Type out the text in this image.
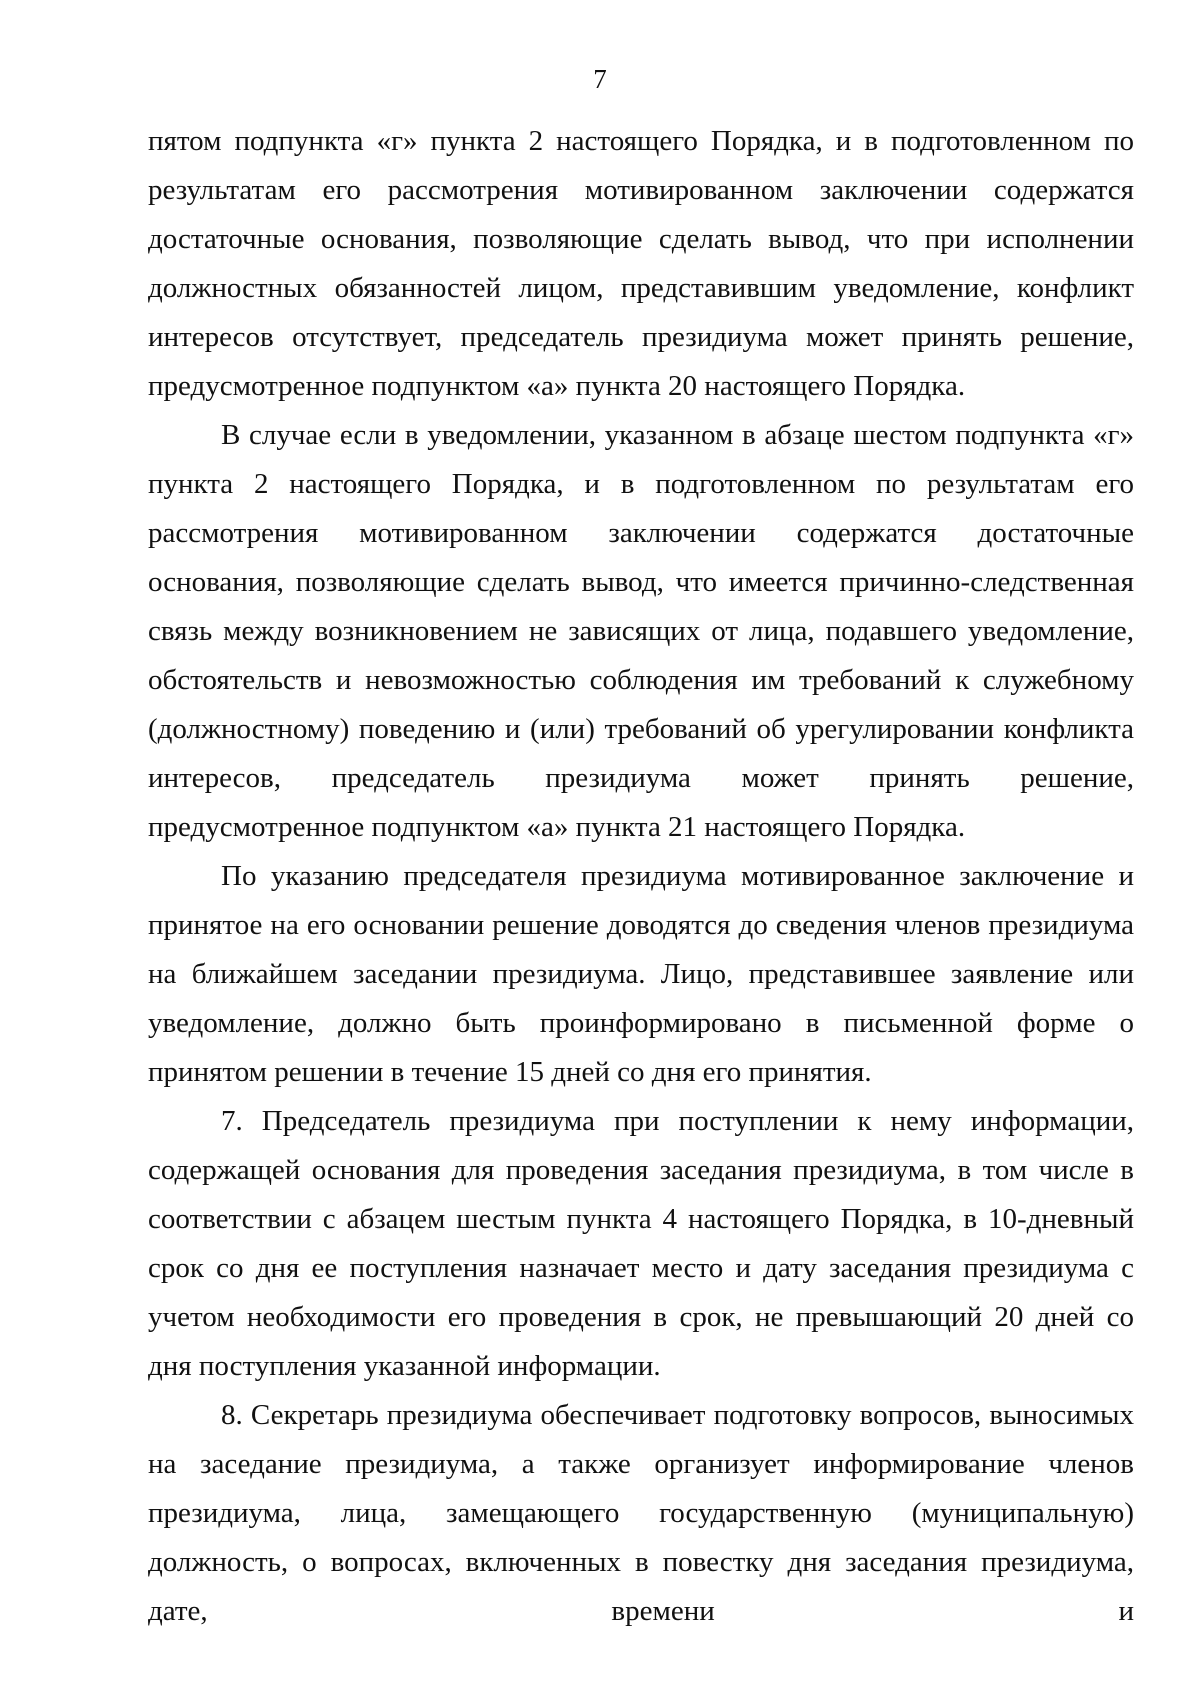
7

пятом подпункта «г» пункта 2 настоящего Порядка, и в подготовленном по результатам его рассмотрения мотивированном заключении содержатся достаточные основания, позволяющие сделать вывод, что при исполнении должностных обязанностей лицом, представившим уведомление, конфликт интересов отсутствует, председатель президиума может принять решение, предусмотренное подпунктом «а» пункта 20 настоящего Порядка.

В случае если в уведомлении, указанном в абзаце шестом подпункта «г» пункта 2 настоящего Порядка, и в подготовленном по результатам его рассмотрения мотивированном заключении содержатся достаточные основания, позволяющие сделать вывод, что имеется причинно-следственная связь между возникновением не зависящих от лица, подавшего уведомление, обстоятельств и невозможностью соблюдения им требований к служебному (должностному) поведению и (или) требований об урегулировании конфликта интересов, председатель президиума может принять решение, предусмотренное подпунктом «а» пункта 21 настоящего Порядка.

По указанию председателя президиума мотивированное заключение и принятое на его основании решение доводятся до сведения членов президиума на ближайшем заседании президиума. Лицо, представившее заявление или уведомление, должно быть проинформировано в письменной форме о принятом решении в течение 15 дней со дня его принятия.

7. Председатель президиума при поступлении к нему информации, содержащей основания для проведения заседания президиума, в том числе в соответствии с абзацем шестым пункта 4 настоящего Порядка, в 10-дневный срок со дня ее поступления назначает место и дату заседания президиума с учетом необходимости его проведения в срок, не превышающий 20 дней со дня поступления указанной информации.

8. Секретарь президиума обеспечивает подготовку вопросов, выносимых на заседание президиума, а также организует информирование членов президиума, лица, замещающего государственную (муниципальную) должность, о вопросах, включенных в повестку дня заседания президиума, дате, времени и
